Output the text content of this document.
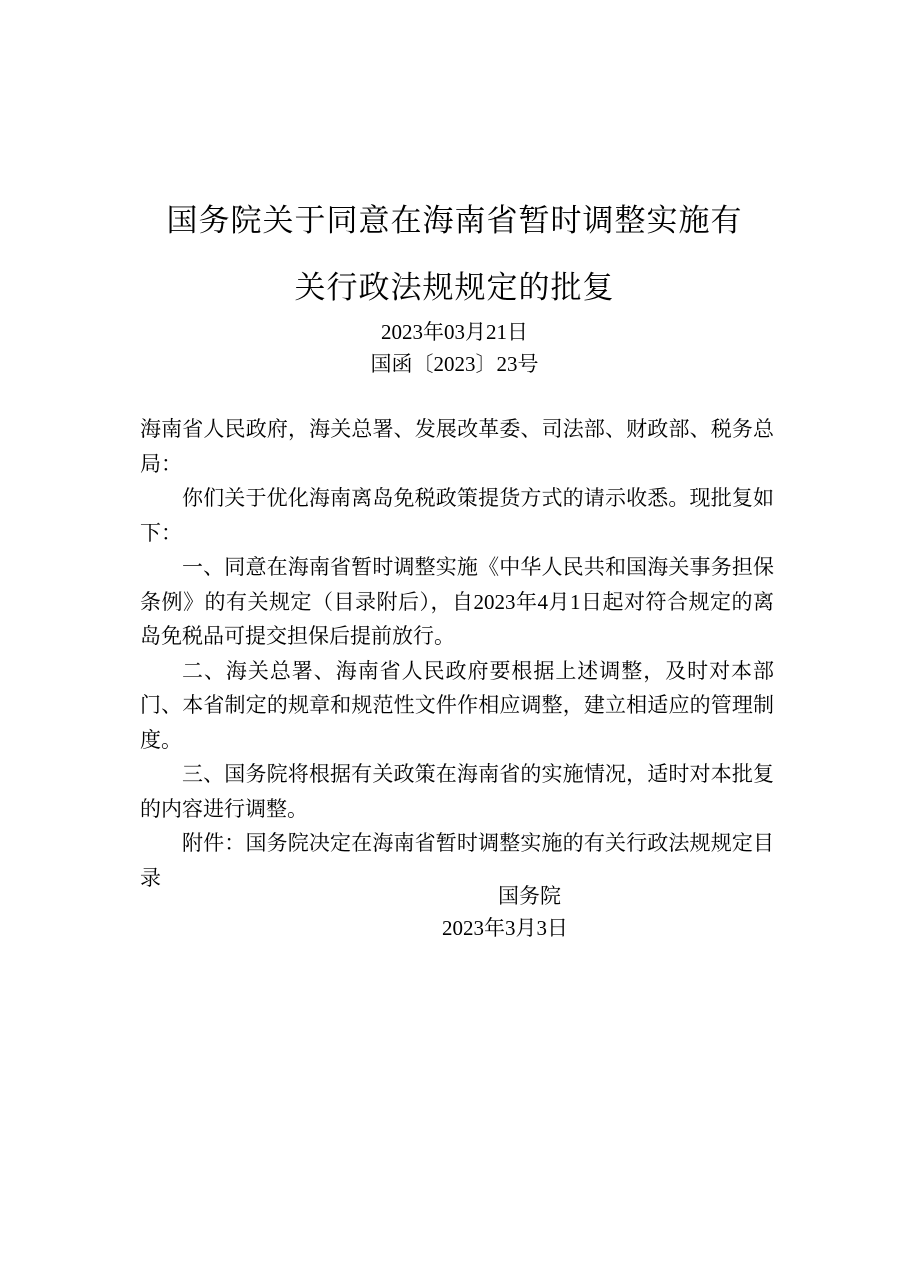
国务院关于同意在海南省暂时调整实施有
关行政法规规定的批复
2023年03月21日
国函〔2023〕23号

海南省人民政府，海关总署、发展改革委、司法部、财政部、税务总局：

你们关于优化海南离岛免税政策提货方式的请示收悉。现批复如下：

一、同意在海南省暂时调整实施《中华人民共和国海关事务担保条例》的有关规定（目录附后），自2023年4月1日起对符合规定的离岛免税品可提交担保后提前放行。

二、海关总署、海南省人民政府要根据上述调整，及时对本部门、本省制定的规章和规范性文件作相应调整，建立相适应的管理制度。

三、国务院将根据有关政策在海南省的实施情况，适时对本批复的内容进行调整。

附件：国务院决定在海南省暂时调整实施的有关行政法规规定目录

国务院
2023年3月3日
